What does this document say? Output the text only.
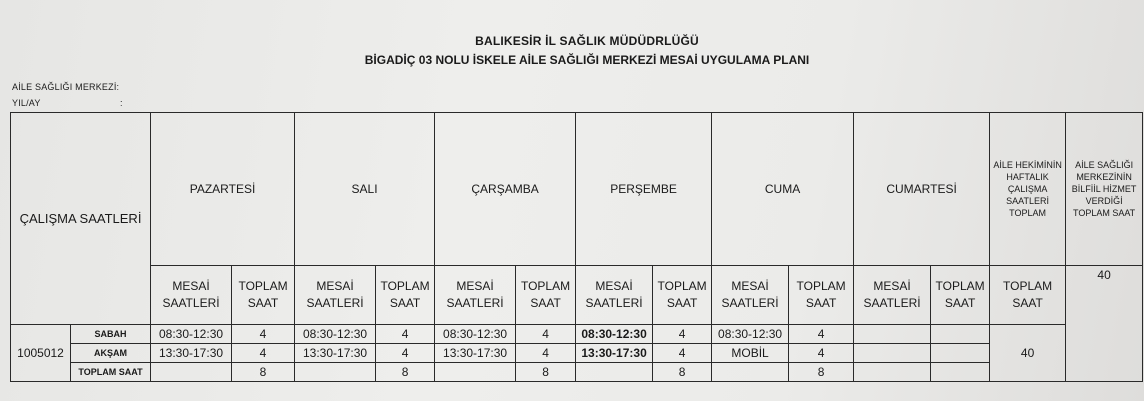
BALIKESİR İL SAĞLIK MÜDÜDRLÜĞÜ
BİGADİÇ 03 NOLU İSKELE AİLE SAĞLIĞI MERKEZİ MESAİ UYGULAMA PLANI
AİLE SAĞLIĞI MERKEZİ:
YIL/AY	:
ÇALIŞMA SAATLERİ		PAZARTESİ		SALI		ÇARŞAMBA		PERŞEMBE		CUMA		CUMARTESİ		AİLE HEKİMİNİN HAFTALIK ÇALIŞMA SAATLERİ TOPLAM	AİLE SAĞLIĞI MERKEZİNİN BİLFİİL HİZMET VERDİĞİ TOPLAM SAAT
		MESAİ SAATLERİ	TOPLAM SAAT	MESAİ SAATLERİ	TOPLAM SAAT	MESAİ SAATLERİ	TOPLAM SAAT	MESAİ SAATLERİ	TOPLAM SAAT	MESAİ SAATLERİ	TOPLAM SAAT	MESAİ SAATLERİ	TOPLAM SAAT	TOPLAM SAAT	40
1005012	SABAH	08:30-12:30	4	08:30-12:30	4	08:30-12:30	4	08:30-12:30	4	08:30-12:30	4			40	
	AKŞAM	13:30-17:30	4	13:30-17:30	4	13:30-17:30	4	13:30-17:30	4	MOBİL	4				
	TOPLAM SAAT		8		8		8		8		8				
